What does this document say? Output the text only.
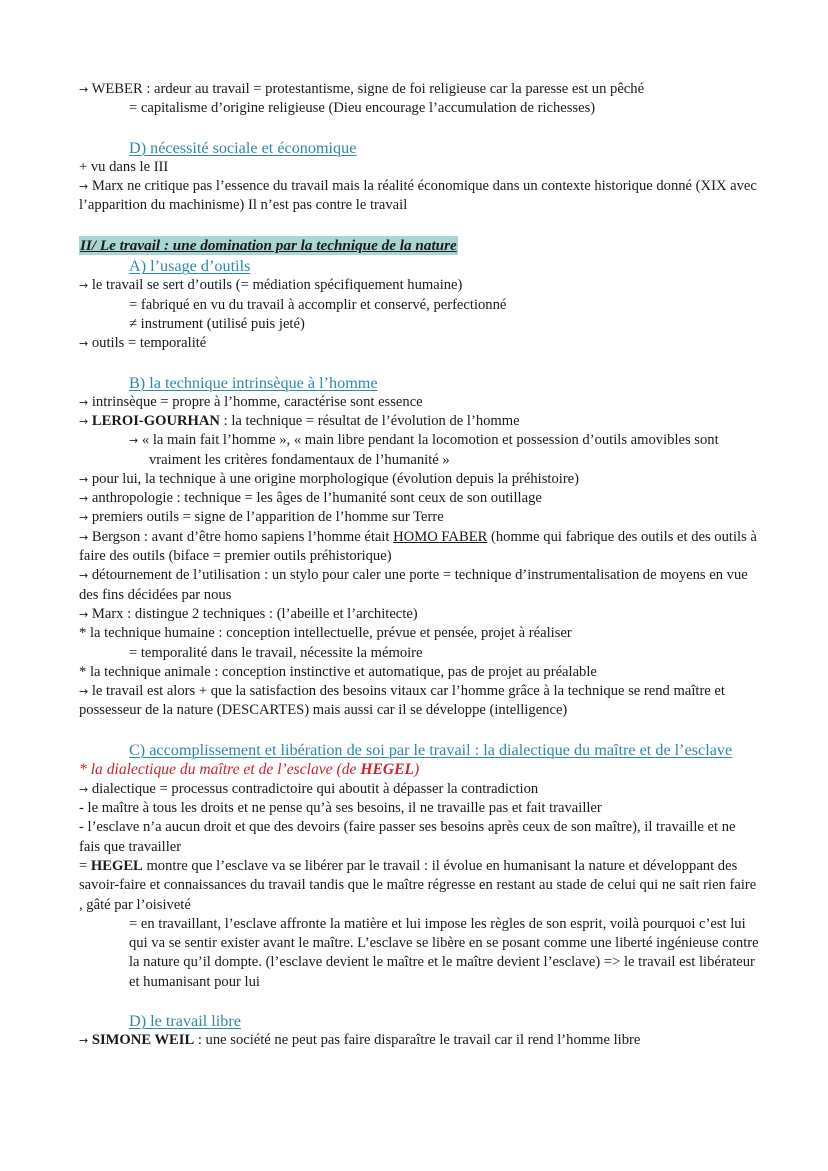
→ WEBER : ardeur au travail = protestantisme, signe de foi religieuse car la paresse est un pêché

= capitalisme d’origine religieuse (Dieu encourage l’accumulation de richesses)

D) nécessité sociale et économique

+ vu dans le III

→ Marx ne critique pas l’essence du travail mais la réalité économique dans un contexte historique donné (XIX avec l’apparition du machinisme) Il n’est pas contre le travail

II/ Le travail : une domination par la technique de la nature

A) l’usage d’outils

→ le travail se sert d’outils (= médiation spécifiquement humaine)

= fabriqué en vu du travail à accomplir et conservé, perfectionné

≠ instrument (utilisé puis jeté)

→ outils = temporalité

B) la technique intrinsèque à l’homme

→ intrinsèque = propre à l’homme, caractérise sont essence

→ LEROI-GOURHAN : la technique = résultat de l’évolution de l’homme

→ « la main fait l’homme », « main libre pendant la locomotion et possession d’outils amovibles sont vraiment les critères fondamentaux de l’humanité »

→ pour lui, la technique à une origine morphologique (évolution depuis la préhistoire)

→ anthropologie : technique = les âges de l’humanité sont ceux de son outillage

→ premiers outils = signe de l’apparition de l’homme sur Terre

→ Bergson : avant d’être homo sapiens l’homme était HOMO FABER (homme qui fabrique des outils et des outils à faire des outils (biface = premier outils préhistorique)

→ détournement de l’utilisation : un stylo pour caler une porte = technique d’instrumentalisation de moyens en vue des fins décidées par nous

→ Marx : distingue 2 techniques : (l’abeille et l’architecte)

* la technique humaine : conception intellectuelle, prévue et pensée, projet à réaliser

= temporalité dans le travail, nécessite la mémoire

* la technique animale : conception instinctive et automatique, pas de projet au préalable

→ le travail est alors + que la satisfaction des besoins vitaux car l’homme grâce à la technique se rend maître et possesseur de la nature (DESCARTES) mais aussi car il se développe (intelligence)

C) accomplissement et libération de soi par le travail : la dialectique du maître et de l’esclave

* la dialectique du maître et de l’esclave (de HEGEL)

→ dialectique = processus contradictoire qui aboutit à dépasser la contradiction

- le maître à tous les droits et ne pense qu’à ses besoins, il ne travaille pas et fait travailler

- l’esclave n’a aucun droit et que des devoirs (faire passer ses besoins après ceux de son maître), il travaille et ne fais que travailler

= HEGEL montre que l’esclave va se libérer par le travail : il évolue en humanisant la nature et développant des savoir-faire et connaissances du travail tandis que le maître régresse en restant au stade de celui qui ne sait rien faire , gâté par l’oisiveté

= en travaillant, l’esclave affronte la matière et lui impose les règles de son esprit, voilà pourquoi c’est lui qui va se sentir exister avant le maître. L’esclave se libère en se posant comme une liberté ingénieuse contre la nature qu’il dompte. (l’esclave devient le maître et le maître devient l’esclave) => le travail est libérateur et humanisant pour lui

D) le travail libre

→ SIMONE WEIL : une société ne peut pas faire disparaître le travail car il rend l’homme libre
